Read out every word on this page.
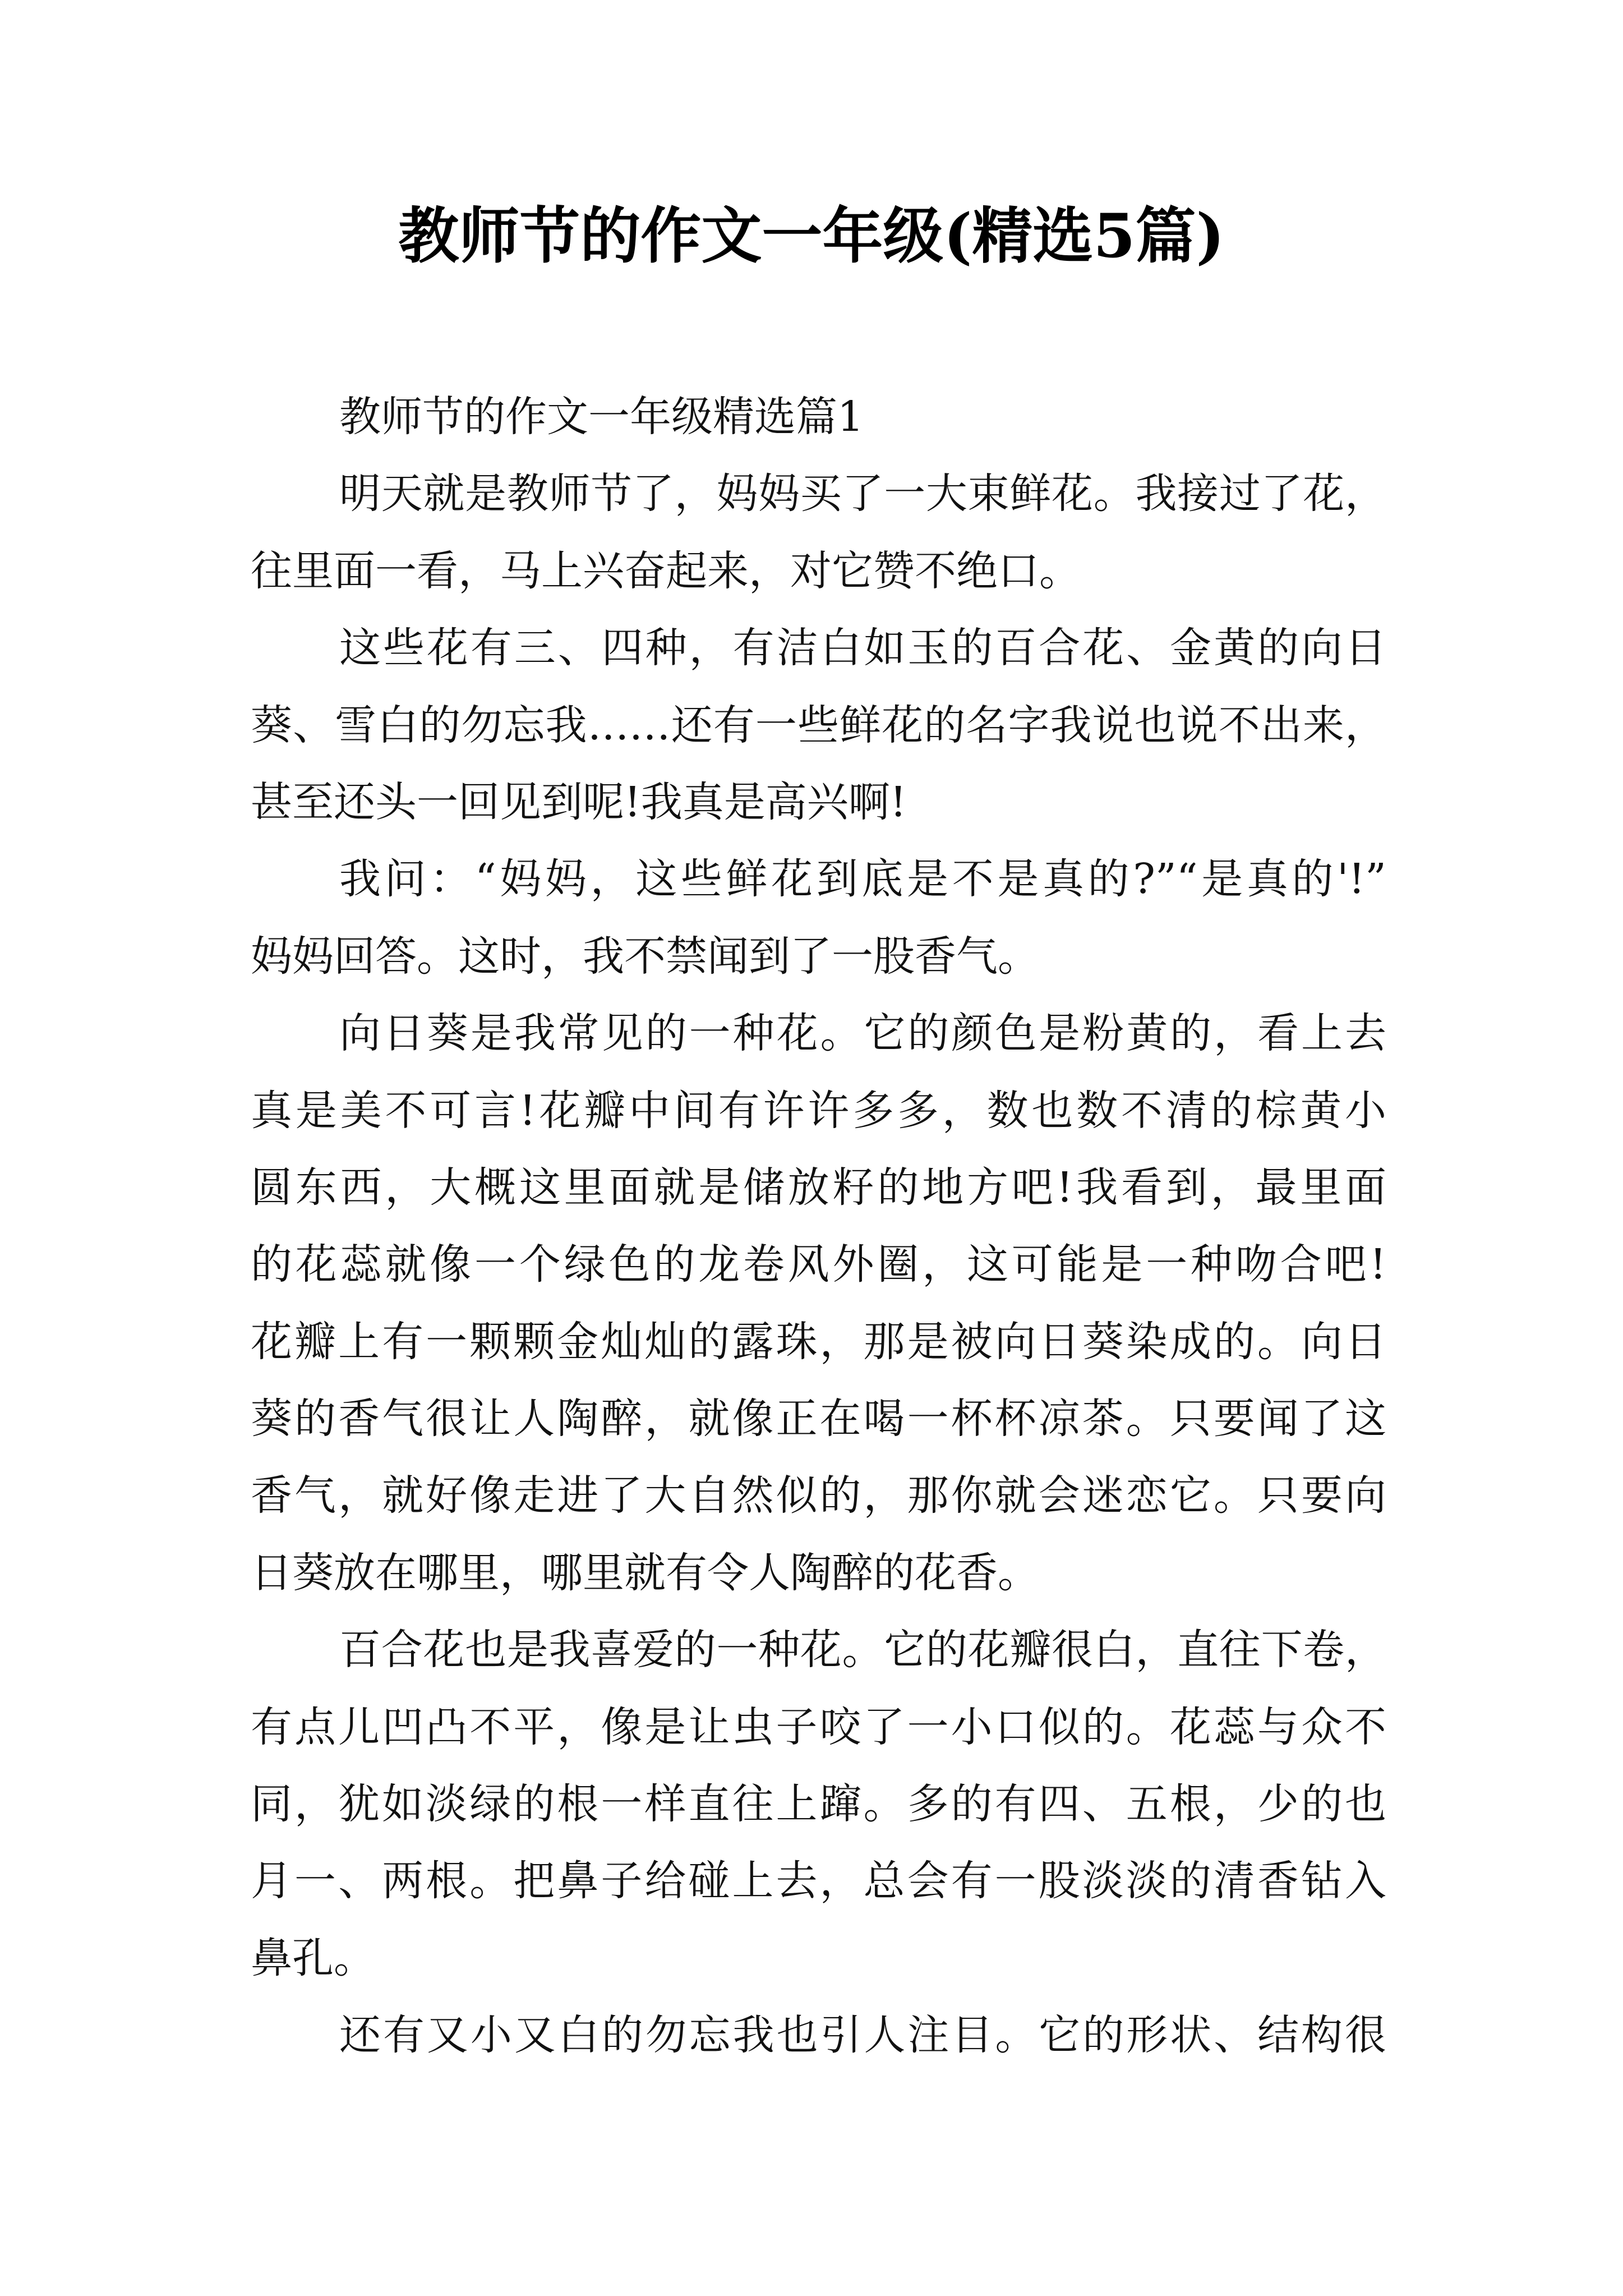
教师节的作文一年级(精选5篇)
教师节的作文一年级精选篇1
明天就是教师节了，妈妈买了一大束鲜花。我接过了花，
往里面一看，马上兴奋起来，对它赞不绝口。
这些花有三、四种，有洁白如玉的百合花、金黄的向日
葵、雪白的勿忘我……还有一些鲜花的名字我说也说不出来，
甚至还头一回见到呢!我真是高兴啊!
我问：“妈妈，这些鲜花到底是不是真的?”“是真的'!”
妈妈回答。这时，我不禁闻到了一股香气。
向日葵是我常见的一种花。它的颜色是粉黄的，看上去
真是美不可言!花瓣中间有许许多多，数也数不清的棕黄小
圆东西，大概这里面就是储放籽的地方吧!我看到，最里面
的花蕊就像一个绿色的龙卷风外圈，这可能是一种吻合吧!
花瓣上有一颗颗金灿灿的露珠，那是被向日葵染成的。向日
葵的香气很让人陶醉，就像正在喝一杯杯凉茶。只要闻了这
香气，就好像走进了大自然似的，那你就会迷恋它。只要向
日葵放在哪里，哪里就有令人陶醉的花香。
百合花也是我喜爱的一种花。它的花瓣很白，直往下卷，
有点儿凹凸不平，像是让虫子咬了一小口似的。花蕊与众不
同，犹如淡绿的根一样直往上蹿。多的有四、五根，少的也
月一、两根。把鼻子给碰上去，总会有一股淡淡的清香钻入
鼻孔。
还有又小又白的勿忘我也引人注目。它的形状、结构很
